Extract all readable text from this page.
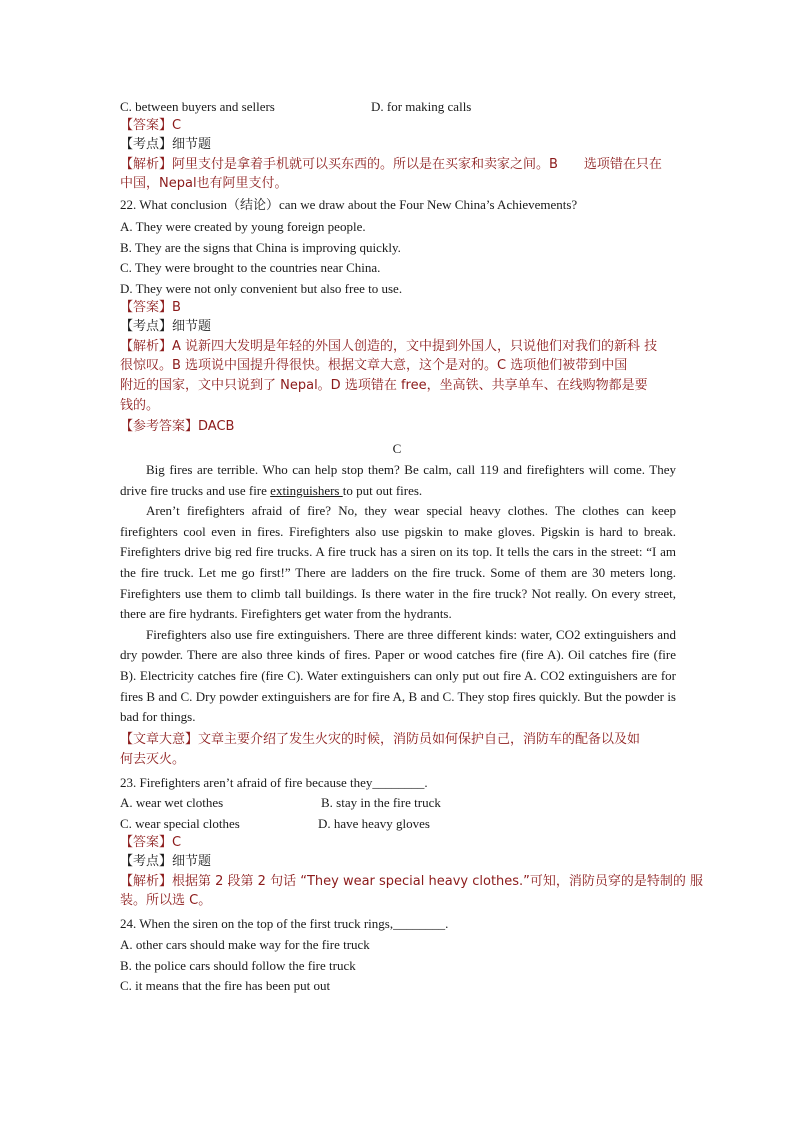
C. between buyers and sellers	D. for making calls
【答案】C
【考点】细节题
【解析】阿里支付是拿着手机就可以买东西的。所以是在买家和卖家之间。B　　选项错在只在
中国，Nepal也有阿里支付。
22. What conclusion（结论）can we draw about the Four New China’s Achievements?
A. They were created by young foreign people.
B. They are the signs that China is improving quickly.
C. They were brought to the countries near China.
D. They were not only convenient but also free to use.
【答案】B
【考点】细节题
【解析】A 说新四大发明是年轻的外国人创造的，文中提到外国人，只说他们对我们的新科 技
很惊叹。B 选项说中国提升得很快。根据文章大意，这个是对的。C 选项他们被带到中国
附近的国家，文中只说到了 Nepal。D 选项错在 free，坐高铁、共享单车、在线购物都是要
钱的。
【参考答案】DACB
C

Big fires are terrible. Who can help stop them? Be calm, call 119 and firefighters will come. They drive fire trucks and use fire extinguishers to put out fires.

Aren’t firefighters afraid of fire? No, they wear special heavy clothes. The clothes can keep firefighters cool even in fires. Firefighters also use pigskin to make gloves. Pigskin is hard to break. Firefighters drive big red fire trucks. A fire truck has a siren on its top. It tells the cars in the street: “I am the fire truck. Let me go first!” There are ladders on the fire truck. Some of them are 30 meters long. Firefighters use them to climb tall buildings. Is there water in the fire truck? Not really. On every street, there are fire hydrants. Firefighters get water from the hydrants.

Firefighters also use fire extinguishers. There are three different kinds: water, CO2 extinguishers and dry powder. There are also three kinds of fires. Paper or wood catches fire (fire A). Oil catches fire (fire B). Electricity catches fire (fire C). Water extinguishers can only put out fire A. CO2 extinguishers are for fires B and C. Dry powder extinguishers are for fire A, B and C. They stop fires quickly. But the powder is bad for things.

【文章大意】文章主要介绍了发生火灾的时候，消防员如何保护自己，消防车的配备以及如
何去灭火。
23. Firefighters aren’t afraid of fire because they________.
A. wear wet clothes	B. stay in the fire truck
C. wear special clothes	D. have heavy gloves
【答案】C
【考点】细节题
【解析】根据第 2 段第 2 句话 “They wear special heavy clothes.”可知，消防员穿的是特制的 服
装。所以选 C。
24. When the siren on the top of the first truck rings,________.
A. other cars should make way for the fire truck
B. the police cars should follow the fire truck
C. it means that the fire has been put out
